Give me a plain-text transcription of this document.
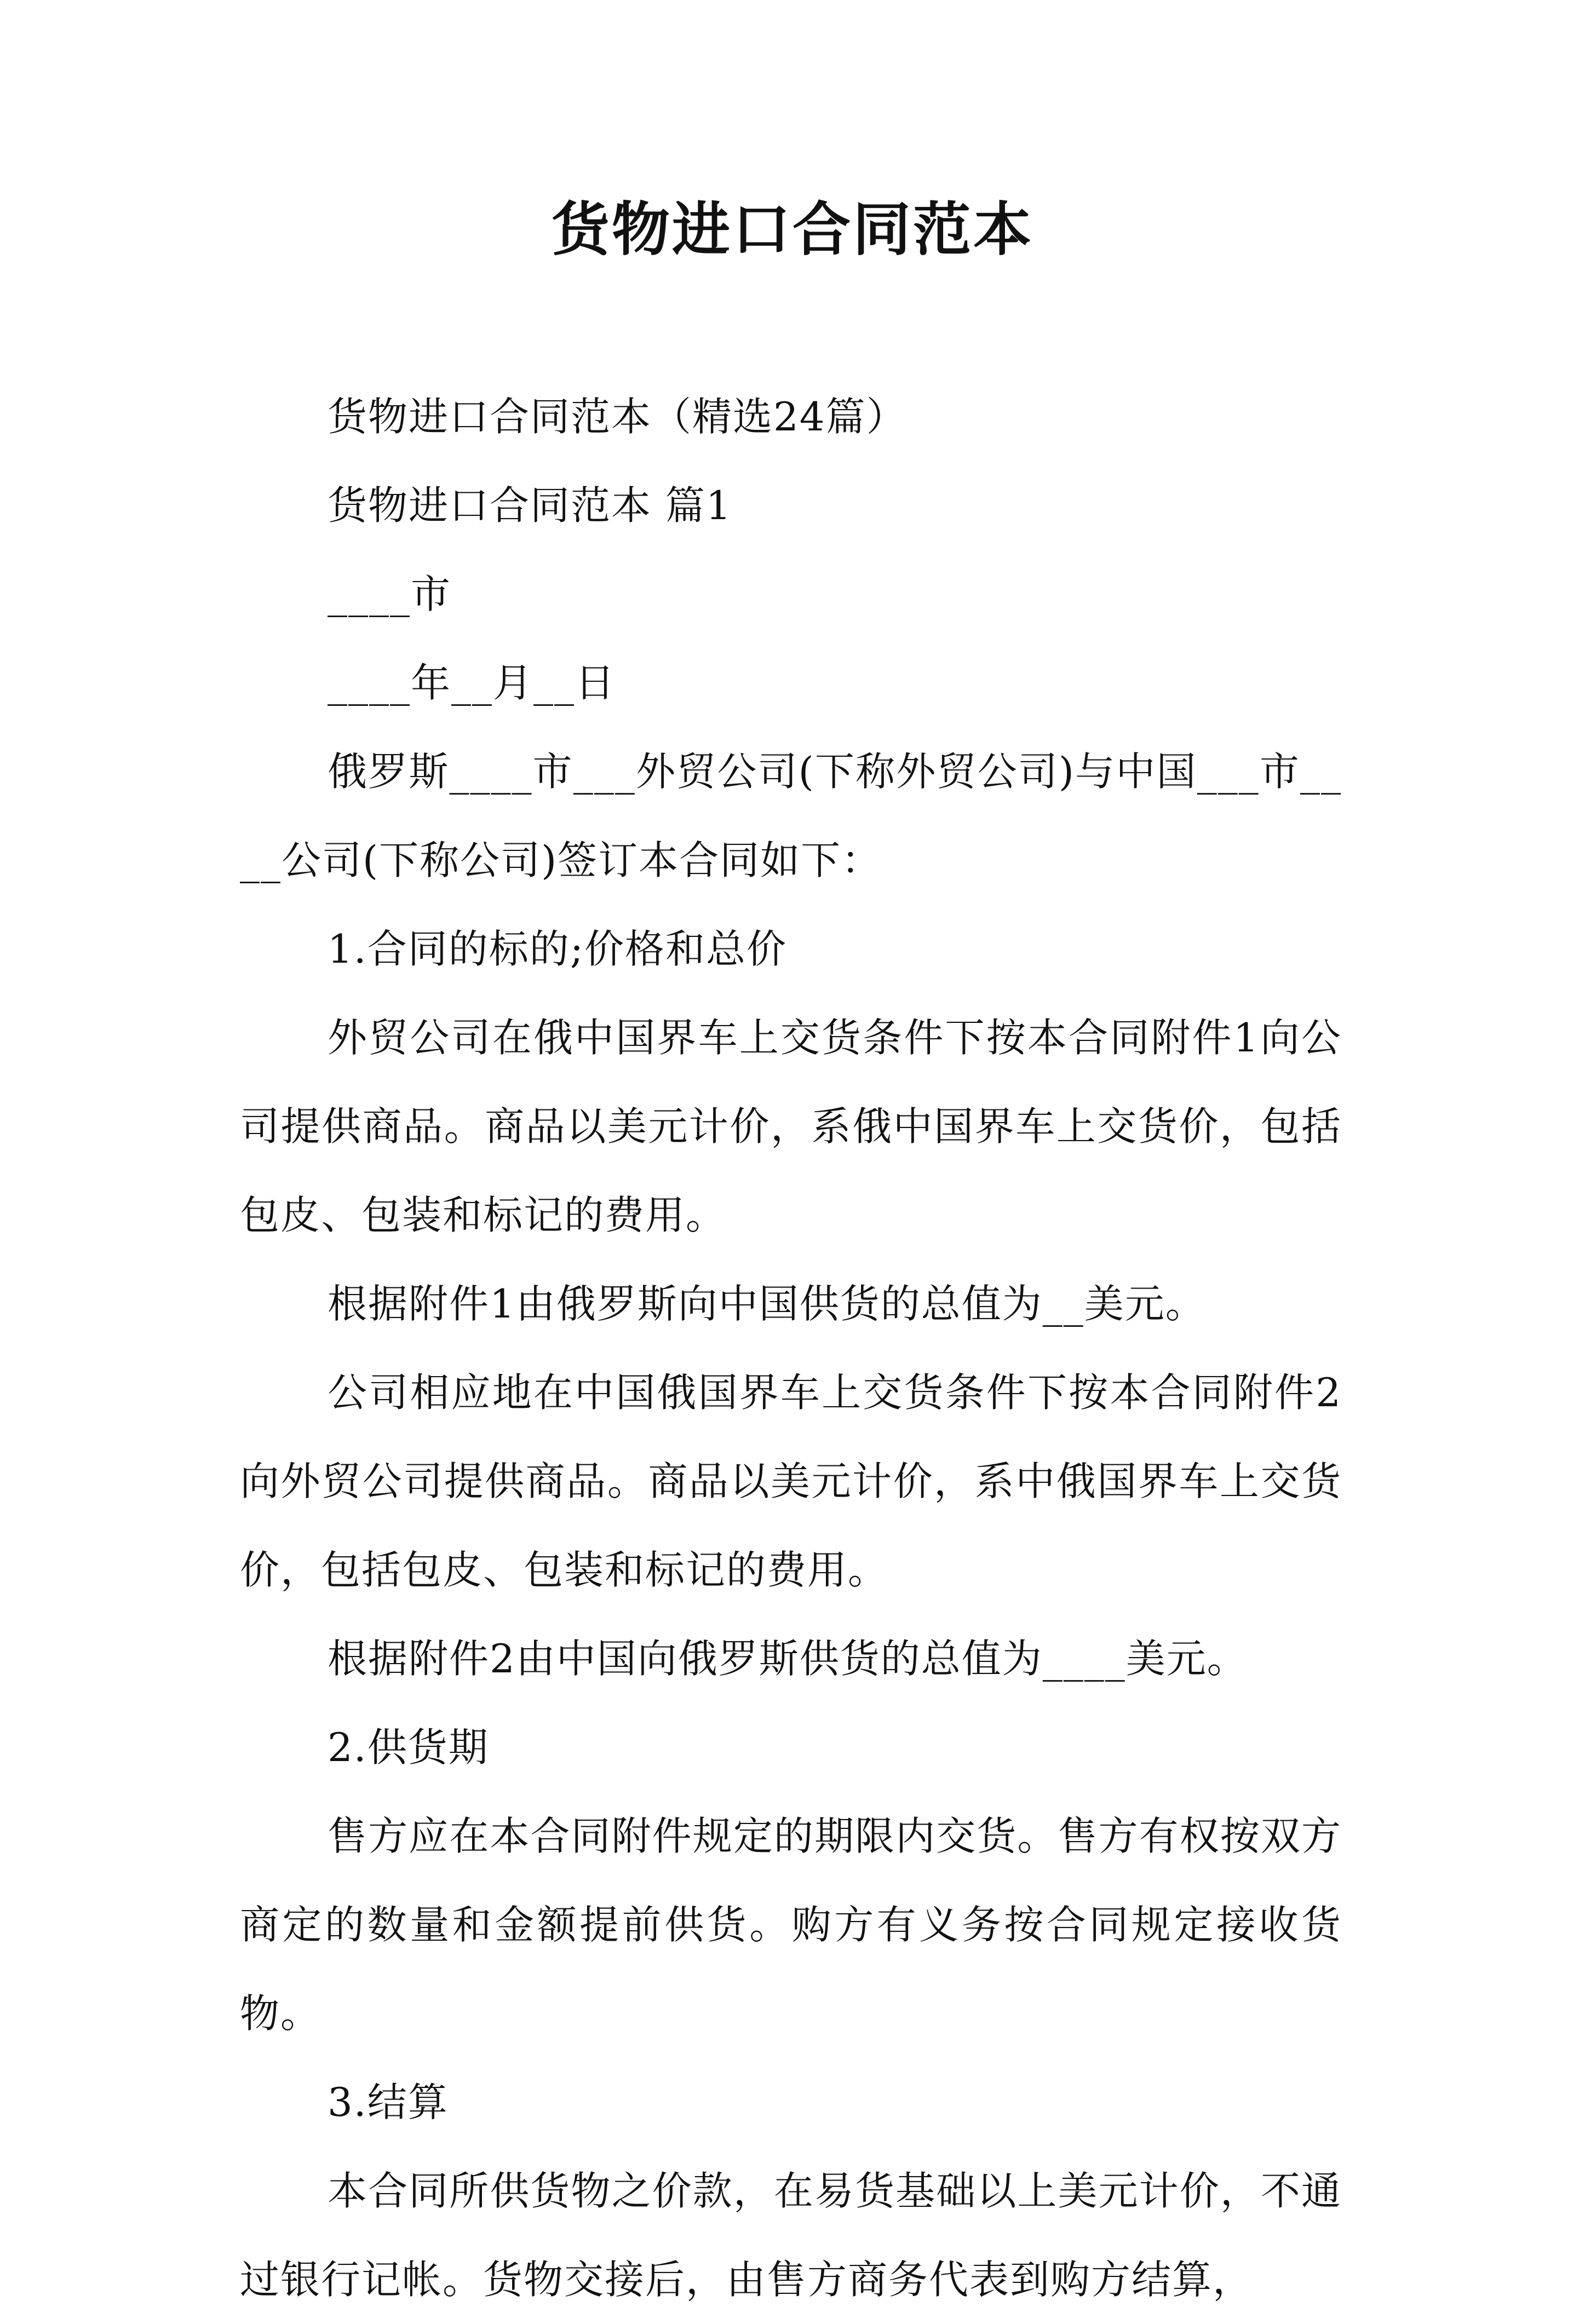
货物进口合同范本

货物进口合同范本（精选24篇）

货物进口合同范本 篇1

____市

____年__月__日

俄罗斯____市___外贸公司(下称外贸公司)与中国___市____公司(下称公司)签订本合同如下：

1.合同的标的;价格和总价

外贸公司在俄中国界车上交货条件下按本合同附件1向公司提供商品。商品以美元计价，系俄中国界车上交货价，包括包皮、包装和标记的费用。

根据附件1由俄罗斯向中国供货的总值为__美元。

公司相应地在中国俄国界车上交货条件下按本合同附件2向外贸公司提供商品。商品以美元计价，系中俄国界车上交货价，包括包皮、包装和标记的费用。

根据附件2由中国向俄罗斯供货的总值为____美元。

2.供货期

售方应在本合同附件规定的期限内交货。售方有权按双方商定的数量和金额提前供货。购方有义务按合同规定接收货物。

3.结算

本合同所供货物之价款，在易货基础以上美元计价，不通过银行记帐。货物交接后，由售方商务代表到购方结算，
